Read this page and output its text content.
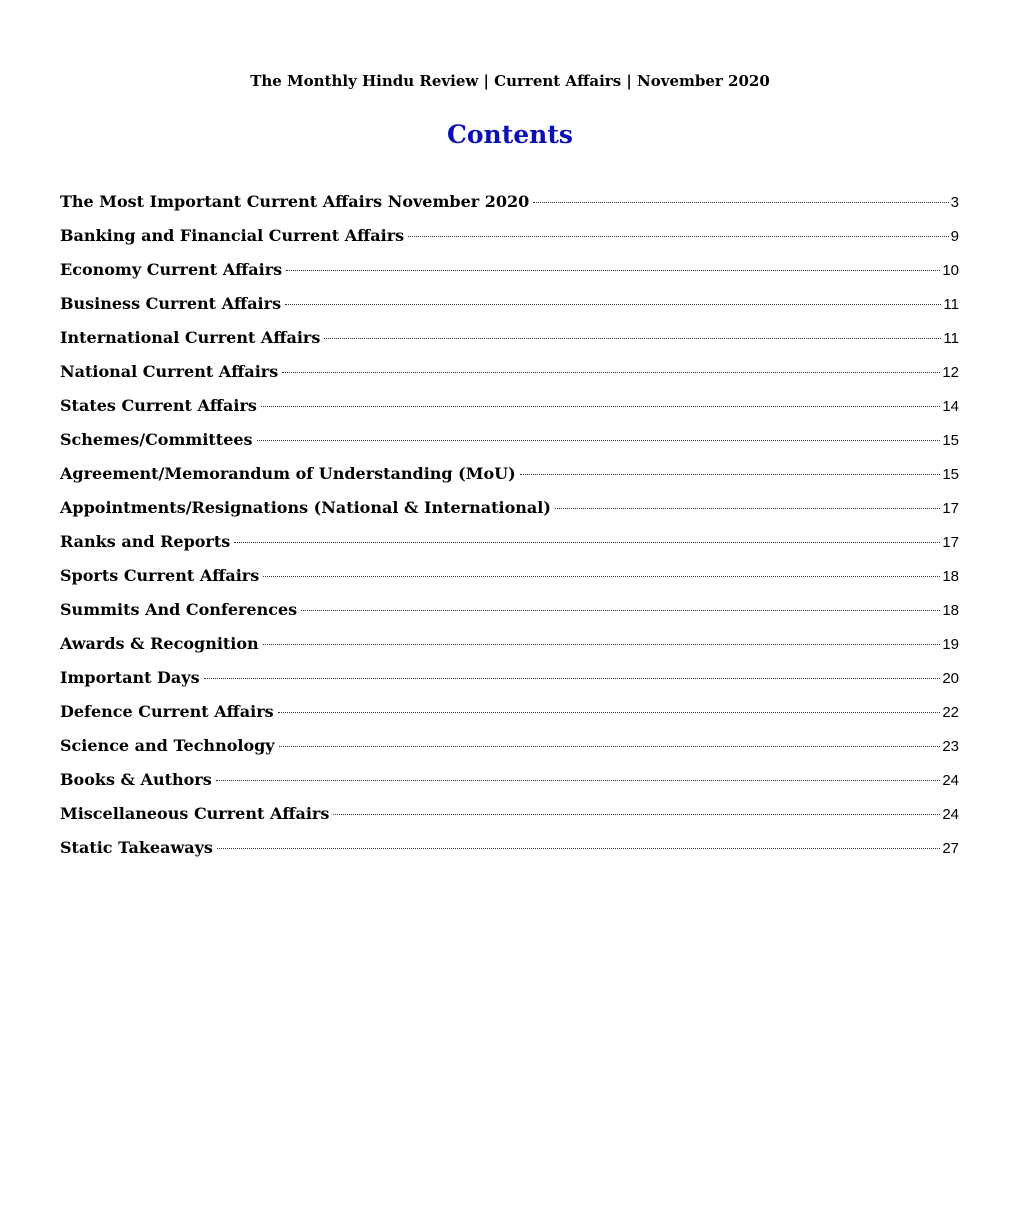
The Monthly Hindu Review | Current Affairs | November 2020
Contents
The Most Important Current Affairs November 2020	3
Banking and Financial Current Affairs	9
Economy Current Affairs	10
Business Current Affairs	11
International Current Affairs	11
National Current Affairs	12
States Current Affairs	14
Schemes/Committees	15
Agreement/Memorandum of Understanding (MoU)	15
Appointments/Resignations (National & International)	17
Ranks and Reports	17
Sports Current Affairs	18
Summits And Conferences	18
Awards & Recognition	19
Important Days	20
Defence Current Affairs	22
Science and Technology	23
Books & Authors	24
Miscellaneous Current Affairs	24
Static Takeaways	27
